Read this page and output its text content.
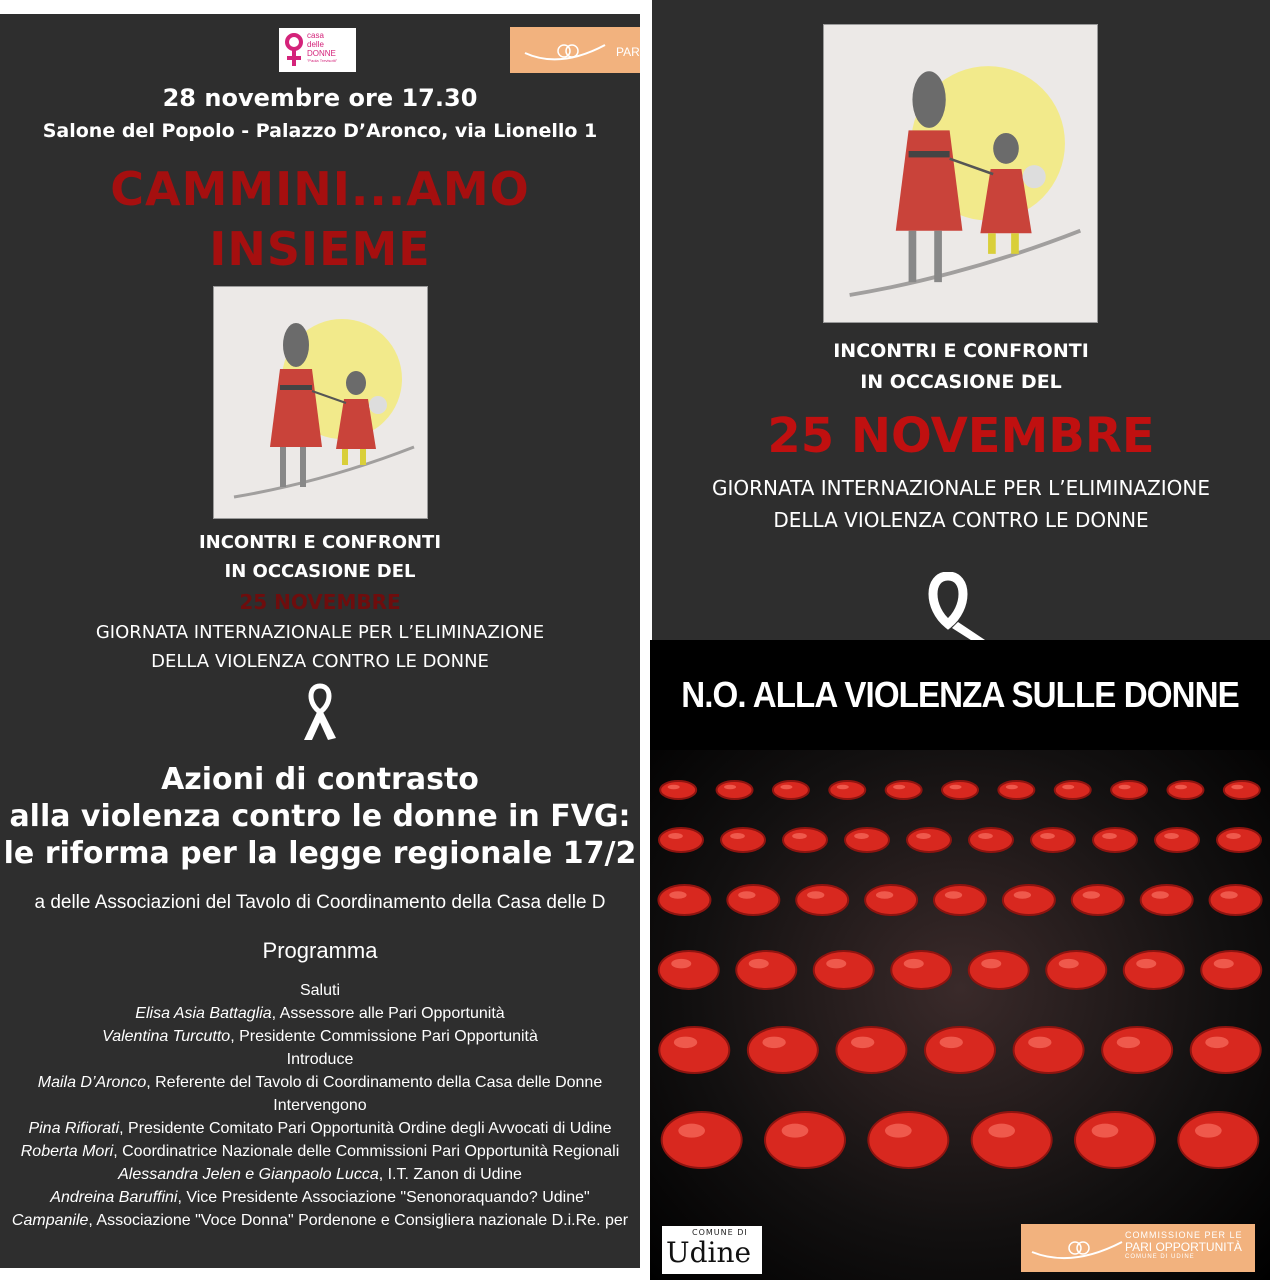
casa
delle
DONNE
"Paola Trevisotti"
PAR
28 novembre ore 17.30
Salone del Popolo - Palazzo D’Aronco, via Lionello 1
CAMMINI...AMO
INSIEME
INCONTRI E CONFRONTI
IN OCCASIONE DEL
25 NOVEMBRE
GIORNATA INTERNAZIONALE PER L’ELIMINAZIONE
DELLA VIOLENZA CONTRO LE DONNE
Azioni di contrasto
alla violenza contro le donne in FVG:
le riforma per la legge regionale 17/2
a delle Associazioni del Tavolo di Coordinamento della Casa delle D
Programma
Saluti
Elisa Asia Battaglia, Assessore alle Pari Opportunità
Valentina Turcutto, Presidente Commissione Pari Opportunità
Introduce
Maila D’Aronco, Referente del Tavolo di Coordinamento della Casa delle Donne
Intervengono
Pina Rifiorati, Presidente Comitato Pari Opportunità Ordine degli Avvocati di Udine
Roberta Mori, Coordinatrice Nazionale delle Commissioni Pari Opportunità Regionali
Alessandra Jelen e Gianpaolo Lucca, I.T. Zanon di Udine
Andreina Baruffini, Vice Presidente Associazione "Senonoraquando? Udine"
Campanile, Associazione "Voce Donna" Pordenone e Consigliera nazionale D.i.Re. per
INCONTRI E CONFRONTI
IN OCCASIONE DEL
25 NOVEMBRE
GIORNATA INTERNAZIONALE PER L’ELIMINAZIONE
DELLA VIOLENZA CONTRO LE DONNE
N.O. ALLA VIOLENZA SULLE DONNE
COMUNE DI
Udine
COMMISSIONE PER LE
PARI OPPORTUNITÀ
COMUNE DI UDINE
